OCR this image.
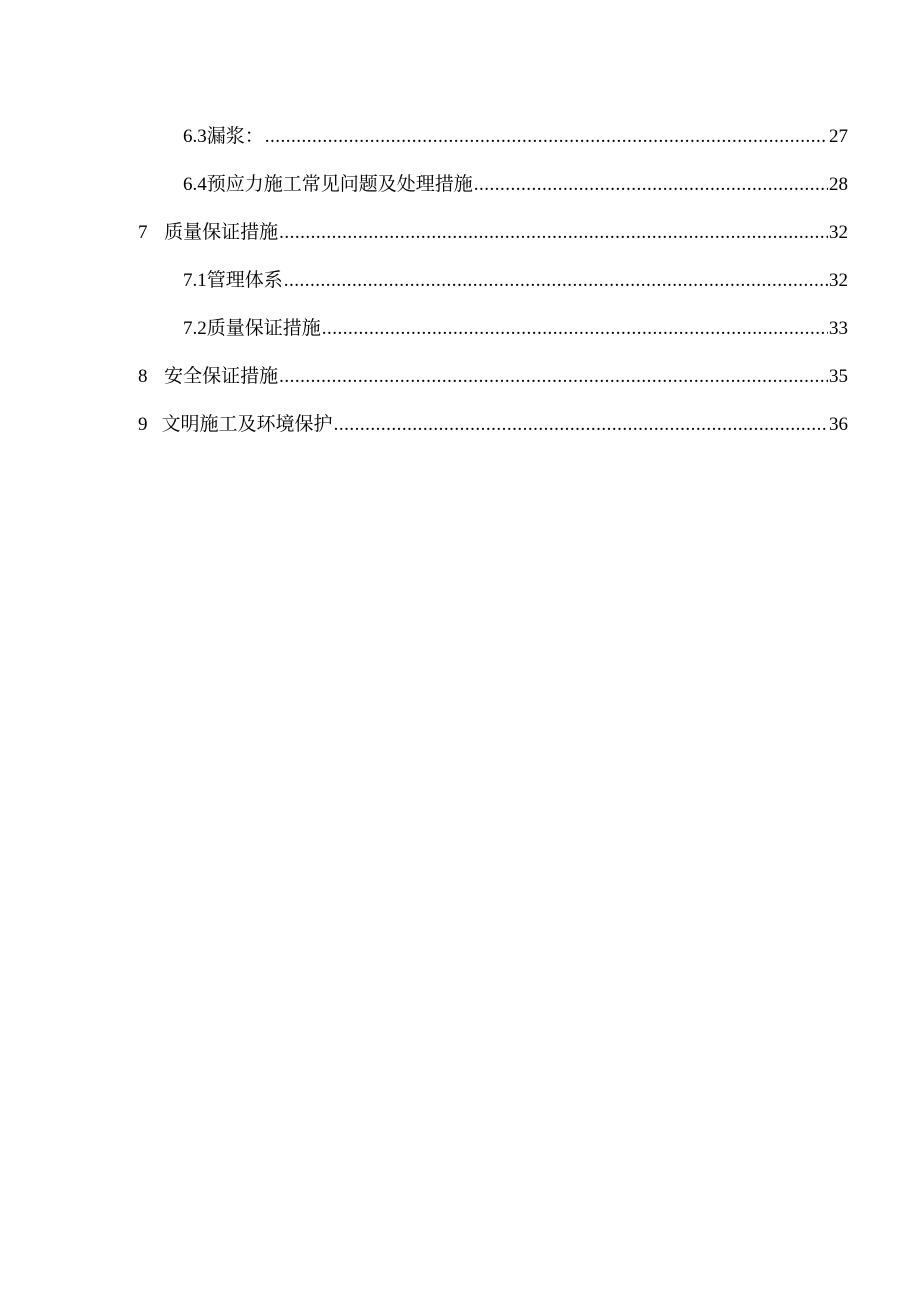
6.3 漏浆： .....	27
6.4 预应力施工常见问题及处理措施 .....	28
7 质量保证措施 .....	32
7.1 管理体系 .....	32
7.2 质量保证措施 .....	33
8 安全保证措施 .....	35
9 文明施工及环境保护 .....	36
